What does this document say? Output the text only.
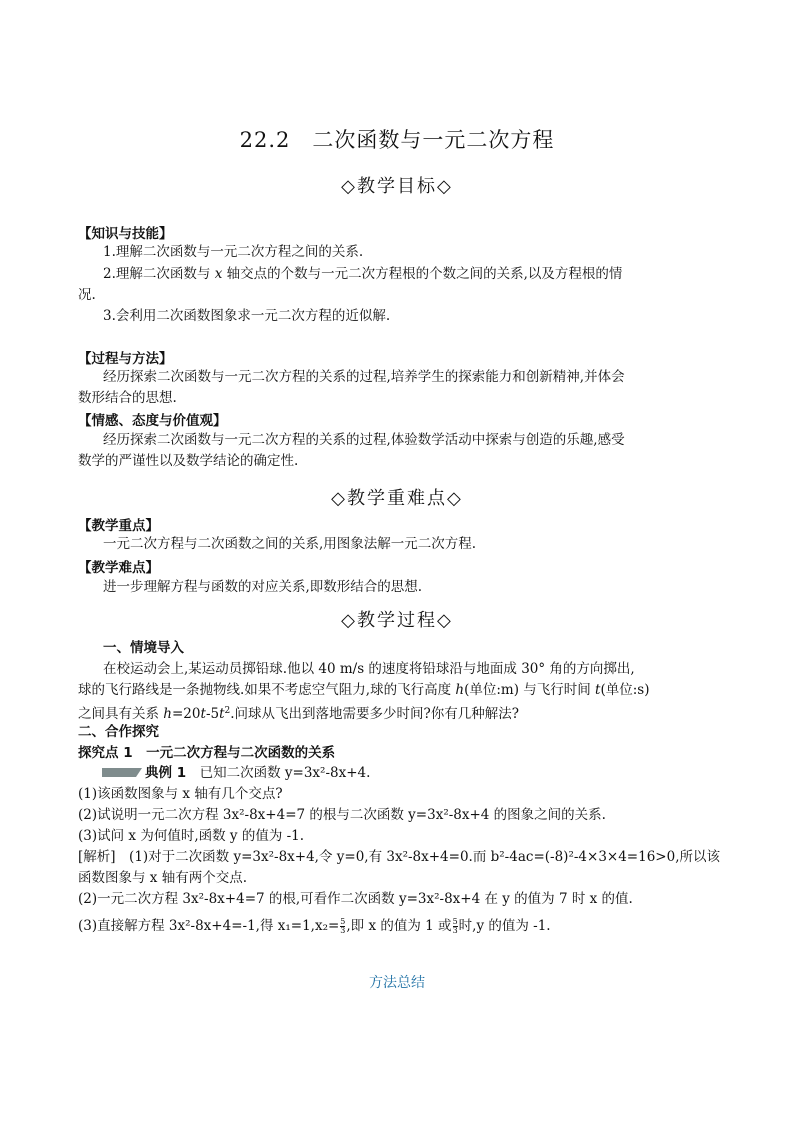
22.2　二次函数与一元二次方程
◇教学目标◇
【知识与技能】
1.理解二次函数与一元二次方程之间的关系.
2.理解二次函数与 x 轴交点的个数与一元二次方程根的个数之间的关系,以及方程根的情
况.
3.会利用二次函数图象求一元二次方程的近似解.
【过程与方法】
经历探索二次函数与一元二次方程的关系的过程,培养学生的探索能力和创新精神,并体会
数形结合的思想.
【情感、态度与价值观】
经历探索二次函数与一元二次方程的关系的过程,体验数学活动中探索与创造的乐趣,感受
数学的严谨性以及数学结论的确定性.
◇教学重难点◇
【教学重点】
一元二次方程与二次函数之间的关系,用图象法解一元二次方程.
【教学难点】
进一步理解方程与函数的对应关系,即数形结合的思想.
◇教学过程◇
一、情境导入
在校运动会上,某运动员掷铅球.他以 40 m/s 的速度将铅球沿与地面成 30° 角的方向掷出,
球的飞行路线是一条抛物线.如果不考虑空气阻力,球的飞行高度 h(单位:m) 与飞行时间 t(单位:s)
之间具有关系 $h=20t-5t^2$.问球从飞出到落地需要多少时间?你有几种解法?
二、合作探究
探究点 1　一元二次方程与二次函数的关系
典例 1　 已知二次函数 y=3x²-8x+4.
(1)该函数图象与 x 轴有几个交点?
(2)试说明一元二次方程 3x²-8x+4=7 的根与二次函数 y=3x²-8x+4 的图象之间的关系.
(3)试问 x 为何值时,函数 y 的值为 -1.
[解析]　 (1)对于二次函数 y=3x²-8x+4,令 y=0,有 3x²-8x+4=0.而 b²-4ac=(-8)²-4×3×4=16>0,所以该
函数图象与 x 轴有两个交点.
(2)一元二次方程 3x²-8x+4=7 的根,可看作二次函数 y=3x²-8x+4 在 y 的值为 7 时 x 的值.
(3)直接解方程 3x²-8x+4=-1,得 $x_1=1,x_2= \frac{5}{3}$ ,即 x 的值为 1 或 $\frac{5}{3}$ 时,y 的值为 -1.
方法总结
